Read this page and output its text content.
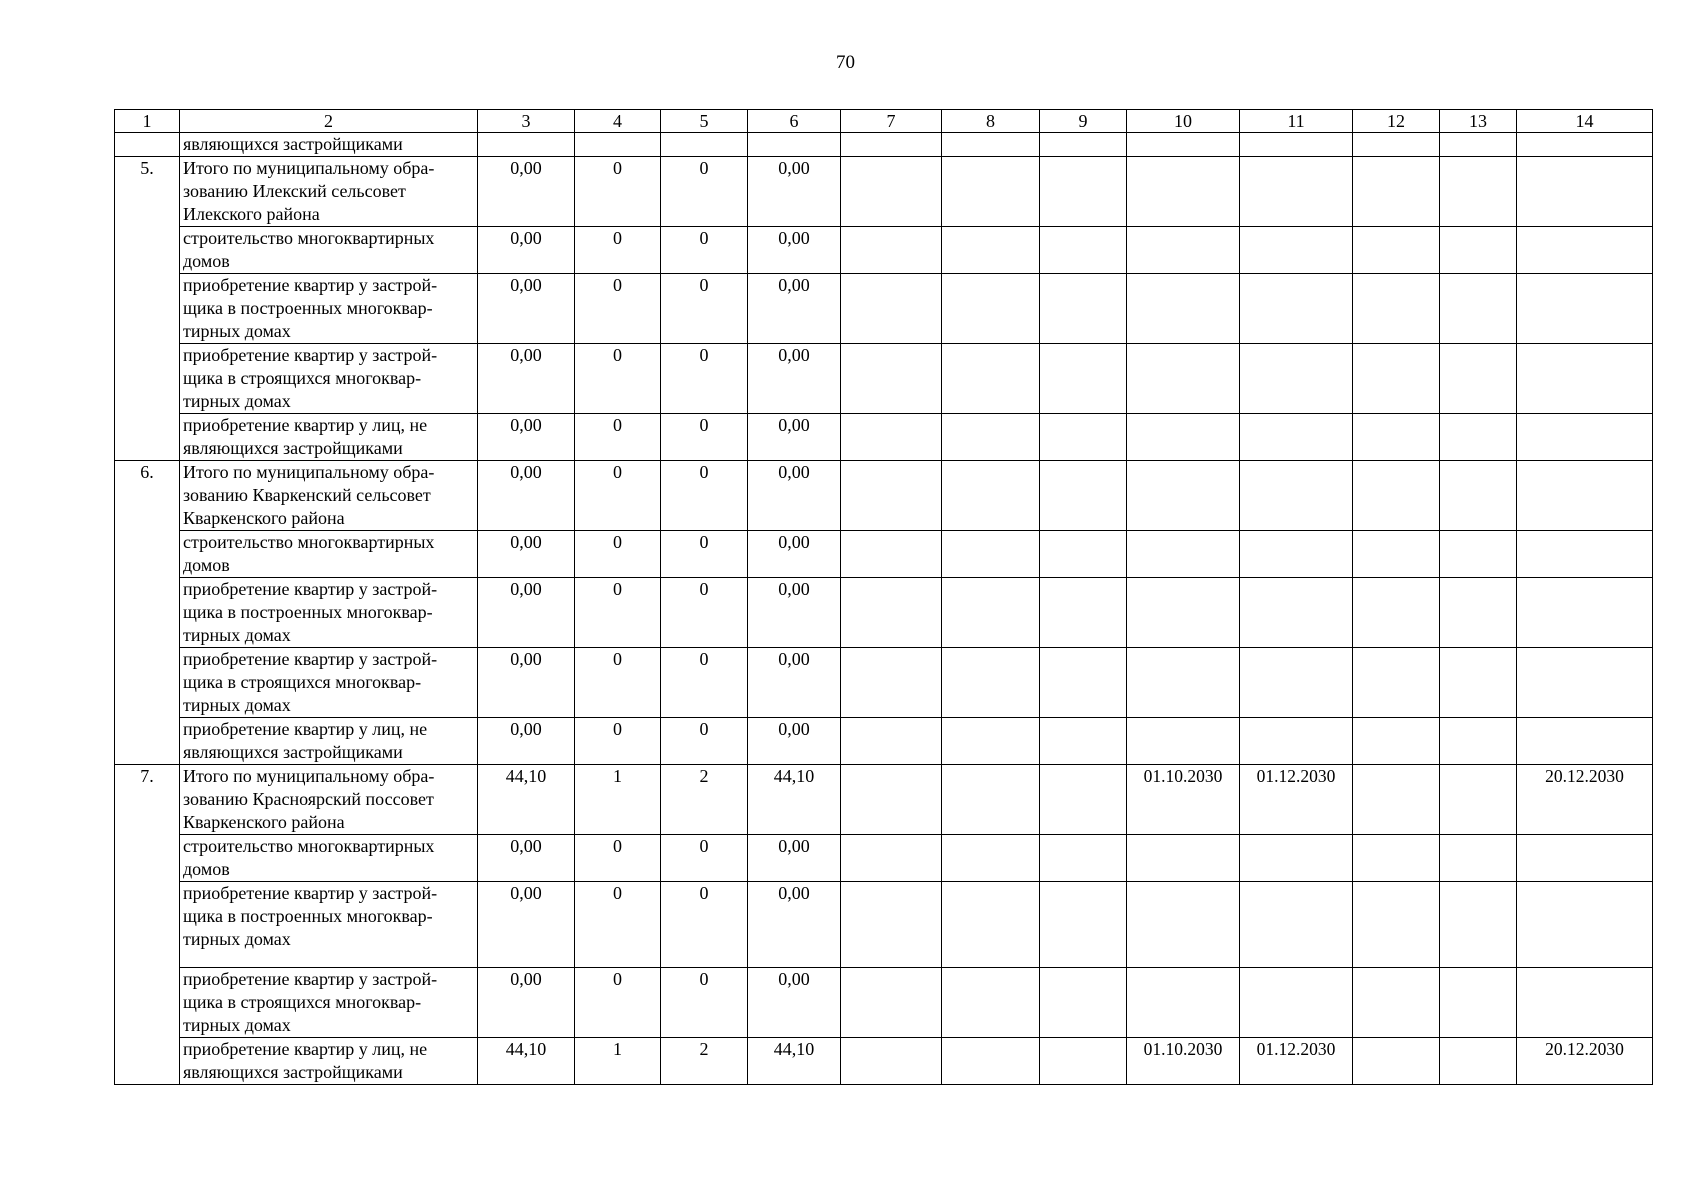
70
1	2	3	4	5	6	7	8	9	10	11	12	13	14
	являющихся застройщиками												
5.	Итого по муниципальному обра-зованию Илекский сельсовет Илекского района	0,00	0	0	0,00								
	строительство многоквартирных домов	0,00	0	0	0,00								
	приобретение квартир у застрой-щика в построенных многоквар-тирных домах	0,00	0	0	0,00								
	приобретение квартир у застрой-щика в строящихся многоквар-тирных домах	0,00	0	0	0,00								
	приобретение квартир у лиц, не являющихся застройщиками	0,00	0	0	0,00								
6.	Итого по муниципальному обра-зованию Кваркенский сельсовет Кваркенского района	0,00	0	0	0,00								
	строительство многоквартирных домов	0,00	0	0	0,00								
	приобретение квартир у застрой-щика в построенных многоквар-тирных домах	0,00	0	0	0,00								
	приобретение квартир у застрой-щика в строящихся многоквар-тирных домах	0,00	0	0	0,00								
	приобретение квартир у лиц, не являющихся застройщиками	0,00	0	0	0,00								
7.	Итого по муниципальному обра-зованию Красноярский поссовет Кваркенского района	44,10	1	2	44,10				01.10.2030	01.12.2030			20.12.2030
	строительство многоквартирных домов	0,00	0	0	0,00								
	приобретение квартир у застрой-щика в построенных многоквар-тирных домах	0,00	0	0	0,00								
	приобретение квартир у застрой-щика в строящихся многоквар-тирных домах	0,00	0	0	0,00								
	приобретение квартир у лиц, не являющихся застройщиками	44,10	1	2	44,10				01.10.2030	01.12.2030			20.12.2030
